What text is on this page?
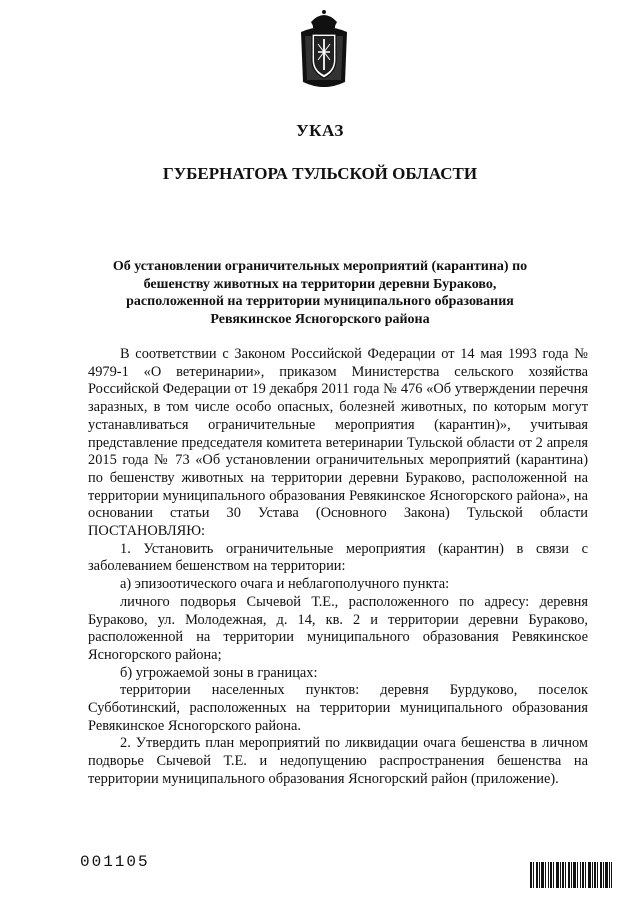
УКАЗ
ГУБЕРНАТОРА ТУЛЬСКОЙ ОБЛАСТИ
Об установлении ограничительных мероприятий (карантина) по бешенству животных на территории деревни Бураково, расположенной на территории муниципального образования Ревякинское Ясногорского района

В соответствии с Законом Российской Федерации от 14 мая 1993 года № 4979-1 «О ветеринарии», приказом Министерства сельского хозяйства Российской Федерации от 19 декабря 2011 года № 476 «Об утверждении перечня заразных, в том числе особо опасных, болезней животных, по которым могут устанавливаться ограничительные мероприятия (карантин)», учитывая представление председателя комитета ветеринарии Тульской области от 2 апреля 2015 года № 73 «Об установлении ограничительных мероприятий (карантина) по бешенству животных на территории деревни Бураково, расположенной на территории муниципального образования Ревякинское Ясногорского района», на основании статьи 30 Устава (Основного Закона) Тульской области ПОСТАНОВЛЯЮ:

1. Установить ограничительные мероприятия (карантин) в связи с заболеванием бешенством на территории:

а) эпизоотического очага и неблагополучного пункта:

личного подворья Сычевой Т.Е., расположенного по адресу: деревня Бураково, ул. Молодежная, д. 14, кв. 2 и территории деревни Бураково, расположенной на территории муниципального образования Ревякинское Ясногорского района;

б) угрожаемой зоны в границах:

территории населенных пунктов: деревня Бурдуково, поселок Субботинский, расположенных на территории муниципального образования Ревякинское Ясногорского района.

2. Утвердить план мероприятий по ликвидации очага бешенства в личном подворье Сычевой Т.Е. и недопущению распространения бешенства на территории муниципального образования Ясногорский район (приложение).

001105
